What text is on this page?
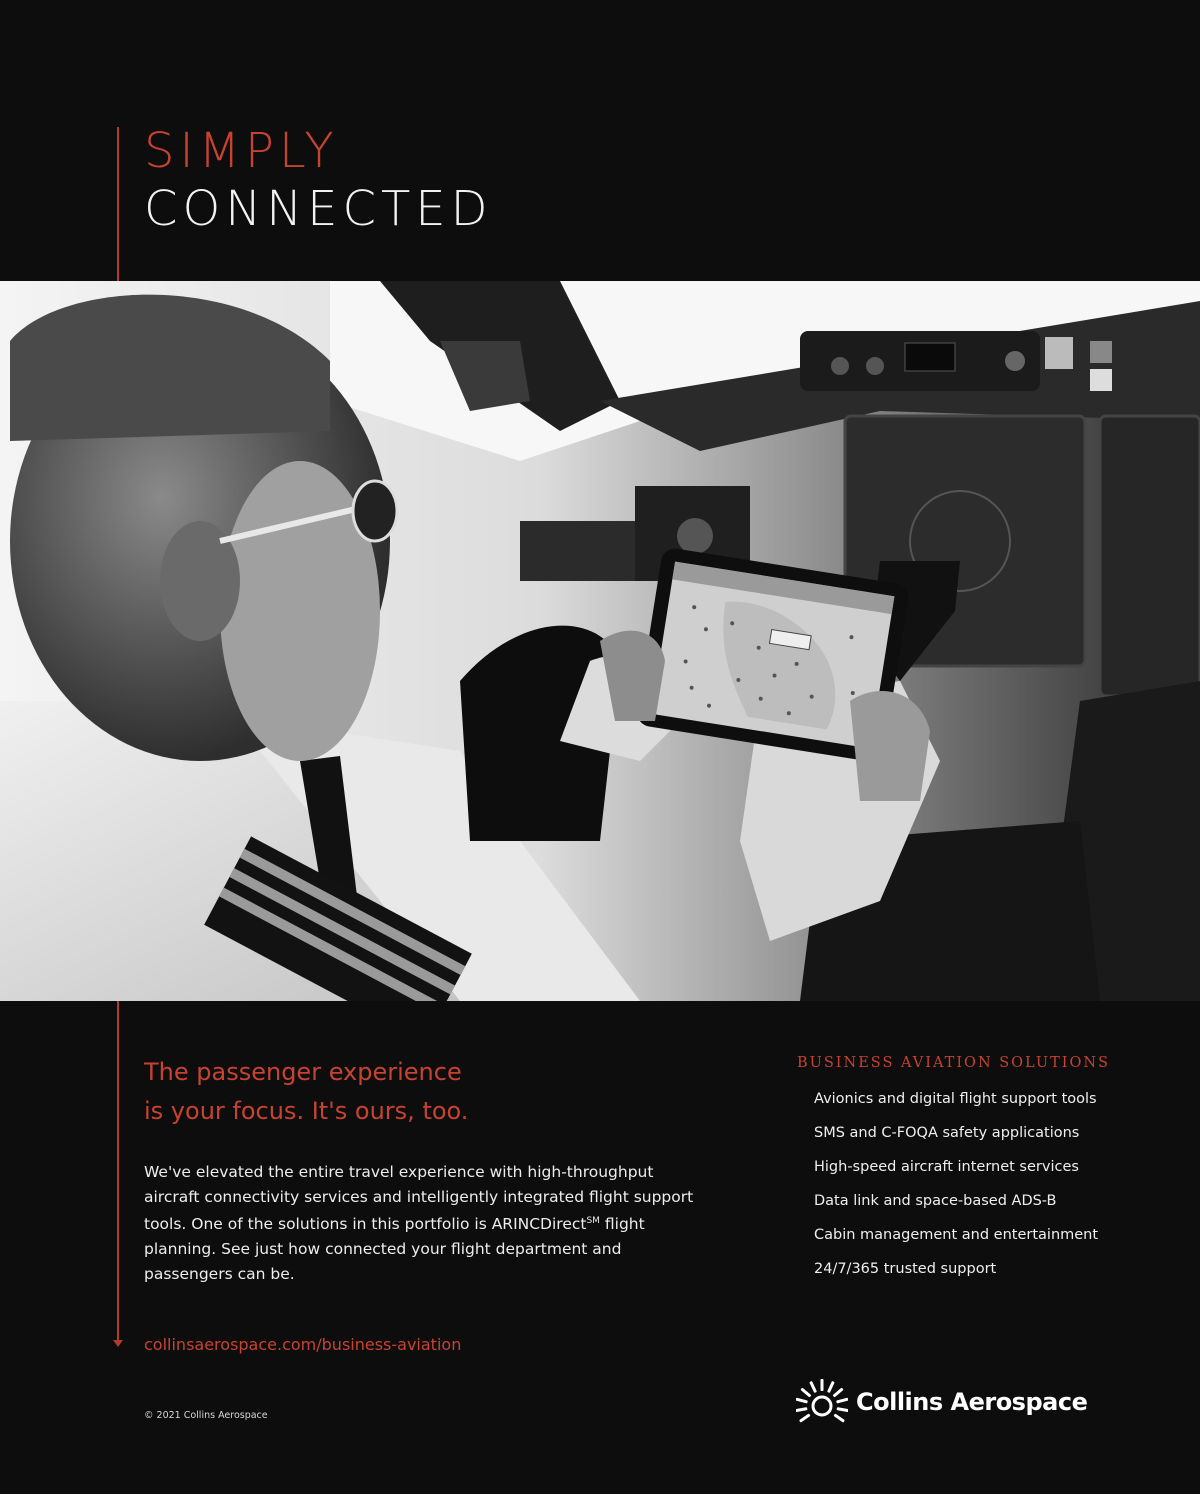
SIMPLY
CONNECTED
The passenger experience
is your focus. It's ours, too.
We've elevated the entire travel experience with high-throughput aircraft connectivity services and intelligently integrated flight support tools. One of the solutions in this portfolio is ARINCDirect℠ flight planning. See just how connected your flight department and passengers can be.
collinsaerospace.com/business-aviation
© 2021 Collins Aerospace
BUSINESS AVIATION SOLUTIONS
Avionics and digital flight support tools
SMS and C-FOQA safety applications
High-speed aircraft internet services
Data link and space-based ADS-B
Cabin management and entertainment
24/7/365 trusted support
Collins Aerospace
